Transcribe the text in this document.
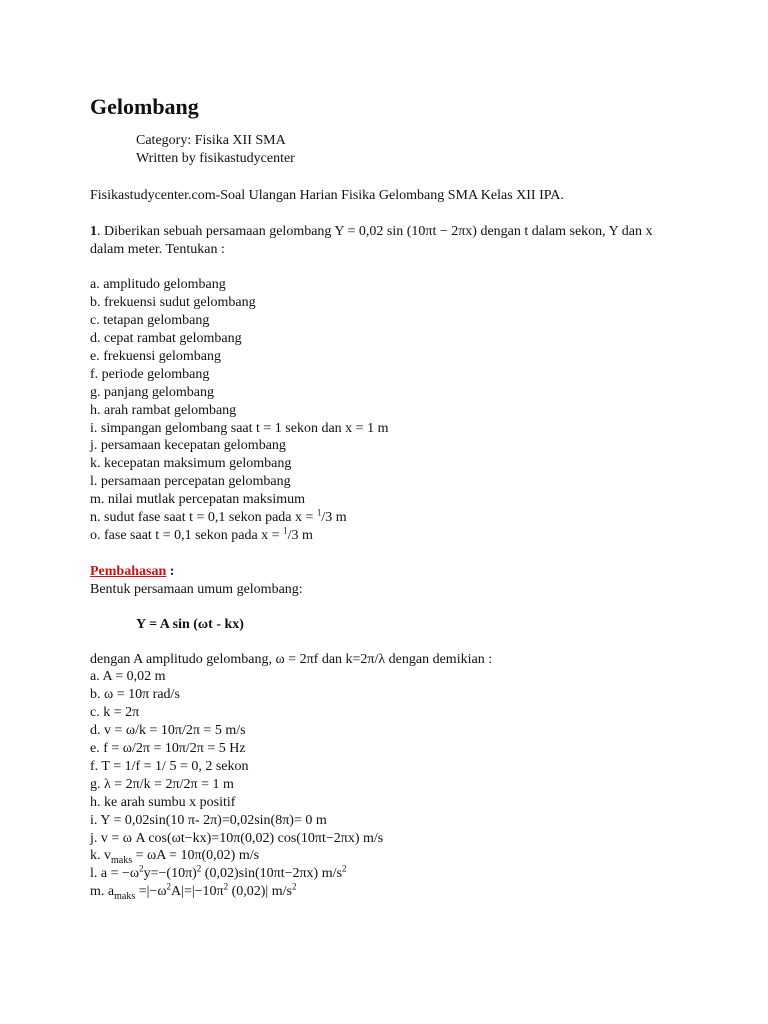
Gelombang
Category: Fisika XII SMA
Written by fisikastudycenter
Fisikastudycenter.com-Soal Ulangan Harian Fisika Gelombang SMA Kelas XII IPA.
1. Diberikan sebuah persamaan gelombang Y = 0,02 sin (10πt − 2πx) dengan t dalam sekon, Y dan x dalam meter. Tentukan :
a. amplitudo gelombang
b. frekuensi sudut gelombang
c. tetapan gelombang
d. cepat rambat gelombang
e. frekuensi gelombang
f. periode gelombang
g. panjang gelombang
h. arah rambat gelombang
i. simpangan gelombang saat t = 1 sekon dan x = 1 m
j. persamaan kecepatan gelombang
k. kecepatan maksimum gelombang
l. persamaan percepatan gelombang
m. nilai mutlak percepatan maksimum
n. sudut fase saat t = 0,1 sekon pada x = $^1$/3 m
o. fase saat t = 0,1 sekon pada x = $^1$/3 m
Pembahasan :
Bentuk persamaan umum gelombang:
Y = A sin (ωt - kx)
dengan A amplitudo gelombang, ω = 2πf dan k=2π/λ dengan demikian :
a. A = 0,02 m
b. ω = 10π rad/s
c. k = 2π
d. v = ω/k = 10π/2π = 5 m/s
e. f = ω/2π = 10π/2π = 5 Hz
f. T = 1/f = 1/ 5 = 0, 2 sekon
g. λ = 2π/k = 2π/2π = 1 m
h. ke arah sumbu x positif
i. Y = 0,02sin(10 π- 2π)=0,02sin(8π)= 0 m
j. v = ω A cos(ωt−kx)=10π(0,02) cos(10πt−2πx) m/s
k. $v_{maks} = \omega A = 10\pi(0,02)$ m/s
l. $a = -\omega^2y=-(10\pi)^2$ (0,02)sin(10πt−2πx) $m/s^2$
m. $a_{maks} =|-\omega^2A|=|-10\pi^2$ (0,02)| $m/s^2$
